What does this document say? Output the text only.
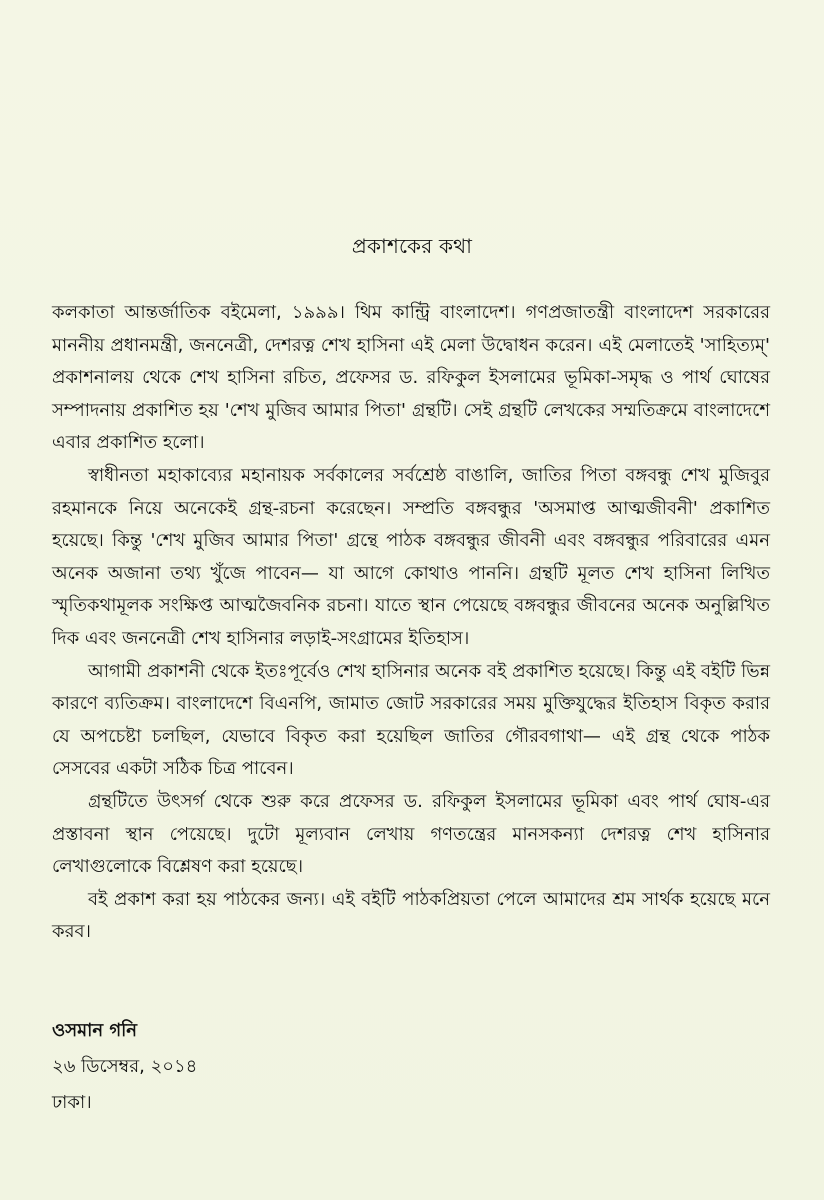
প্রকাশকের কথা

কলকাতা আন্তর্জাতিক বইমেলা, ১৯৯৯। থিম কান্ট্রি বাংলাদেশ। গণপ্রজাতন্ত্রী বাংলাদেশ সরকারের মাননীয় প্রধানমন্ত্রী, জননেত্রী, দেশরত্ন শেখ হাসিনা এই মেলা উদ্বোধন করেন। এই মেলাতেই 'সাহিত্যম্' প্রকাশনালয় থেকে শেখ হাসিনা রচিত, প্রফেসর ড. রফিকুল ইসলামের ভূমিকা-সমৃদ্ধ ও পার্থ ঘোষের সম্পাদনায় প্রকাশিত হয় 'শেখ মুজিব আমার পিতা' গ্রন্থটি। সেই গ্রন্থটি লেখকের সম্মতিক্রমে বাংলাদেশে এবার প্রকাশিত হলো।

স্বাধীনতা মহাকাব্যের মহানায়ক সর্বকালের সর্বশ্রেষ্ঠ বাঙালি, জাতির পিতা বঙ্গবন্ধু শেখ মুজিবুর রহমানকে নিয়ে অনেকেই গ্রন্থ-রচনা করেছেন। সম্প্রতি বঙ্গবন্ধুর 'অসমাপ্ত আত্মজীবনী' প্রকাশিত হয়েছে। কিন্তু 'শেখ মুজিব আমার পিতা' গ্রন্থে পাঠক বঙ্গবন্ধুর জীবনী এবং বঙ্গবন্ধুর পরিবারের এমন অনেক অজানা তথ্য খুঁজে পাবেন— যা আগে কোথাও পাননি। গ্রন্থটি মূলত শেখ হাসিনা লিখিত স্মৃতিকথামূলক সংক্ষিপ্ত আত্মজৈবনিক রচনা। যাতে স্থান পেয়েছে বঙ্গবন্ধুর জীবনের অনেক অনুল্লিখিত দিক এবং জননেত্রী শেখ হাসিনার লড়াই-সংগ্রামের ইতিহাস।

আগামী প্রকাশনী থেকে ইতঃপূর্বেও শেখ হাসিনার অনেক বই প্রকাশিত হয়েছে। কিন্তু এই বইটি ভিন্ন কারণে ব্যতিক্রম। বাংলাদেশে বিএনপি, জামাত জোট সরকারের সময় মুক্তিযুদ্ধের ইতিহাস বিকৃত করার যে অপচেষ্টা চলছিল, যেভাবে বিকৃত করা হয়েছিল জাতির গৌরবগাথা— এই গ্রন্থ থেকে পাঠক সেসবের একটা সঠিক চিত্র পাবেন।

গ্রন্থটিতে উৎসর্গ থেকে শুরু করে প্রফেসর ড. রফিকুল ইসলামের ভূমিকা এবং পার্থ ঘোষ-এর প্রস্তাবনা স্থান পেয়েছে। দুটো মূল্যবান লেখায় গণতন্ত্রের মানসকন্যা দেশরত্ন শেখ হাসিনার লেখাগুলোকে বিশ্লেষণ করা হয়েছে।

বই প্রকাশ করা হয় পাঠকের জন্য। এই বইটি পাঠকপ্রিয়তা পেলে আমাদের শ্রম সার্থক হয়েছে মনে করব।

ওসমান গনি
২৬ ডিসেম্বর, ২০১৪
ঢাকা।
